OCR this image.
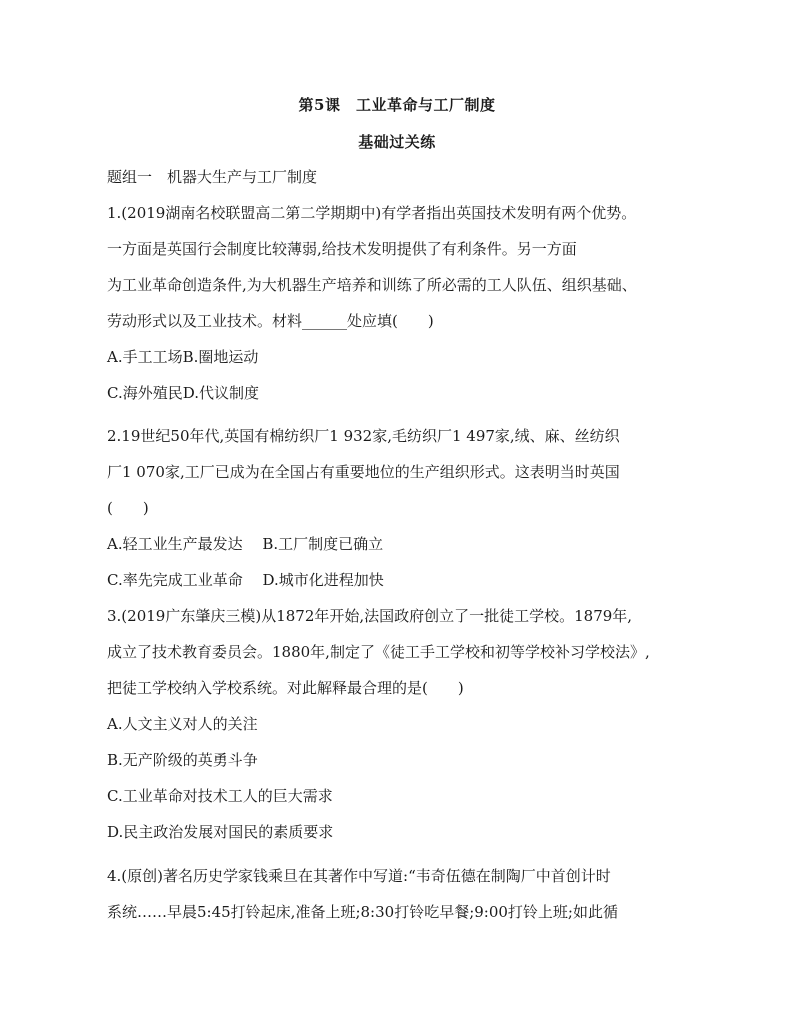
第5课　工业革命与工厂制度
基础过关练
题组一　机器大生产与工厂制度
1.(2019湖南名校联盟高二第二学期期中)有学者指出英国技术发明有两个优势。
一方面是英国行会制度比较薄弱,给技术发明提供了有利条件。另一方面
为工业革命创造条件,为大机器生产培养和训练了所必需的工人队伍、组织基础、
劳动形式以及工业技术。材料______处应填(　　)
A.手工工场B.圈地运动
C.海外殖民D.代议制度
2.19世纪50年代,英国有棉纺织厂1 932家,毛纺织厂1 497家,绒、麻、丝纺织
厂1 070家,工厂已成为在全国占有重要地位的生产组织形式。这表明当时英国
(　　)
A.轻工业生产最发达　 B.工厂制度已确立
C.率先完成工业革命　 D.城市化进程加快
3.(2019广东肇庆三模)从1872年开始,法国政府创立了一批徒工学校。1879年,
成立了技术教育委员会。1880年,制定了《徒工手工学校和初等学校补习学校法》,
把徒工学校纳入学校系统。对此解释最合理的是(　　)
A.人文主义对人的关注
B.无产阶级的英勇斗争
C.工业革命对技术工人的巨大需求
D.民主政治发展对国民的素质要求
4.(原创)著名历史学家钱乘旦在其著作中写道:“韦奇伍德在制陶厂中首创计时
系统……早晨5:45打铃起床,准备上班;8:30打铃吃早餐;9:00打铃上班;如此循
